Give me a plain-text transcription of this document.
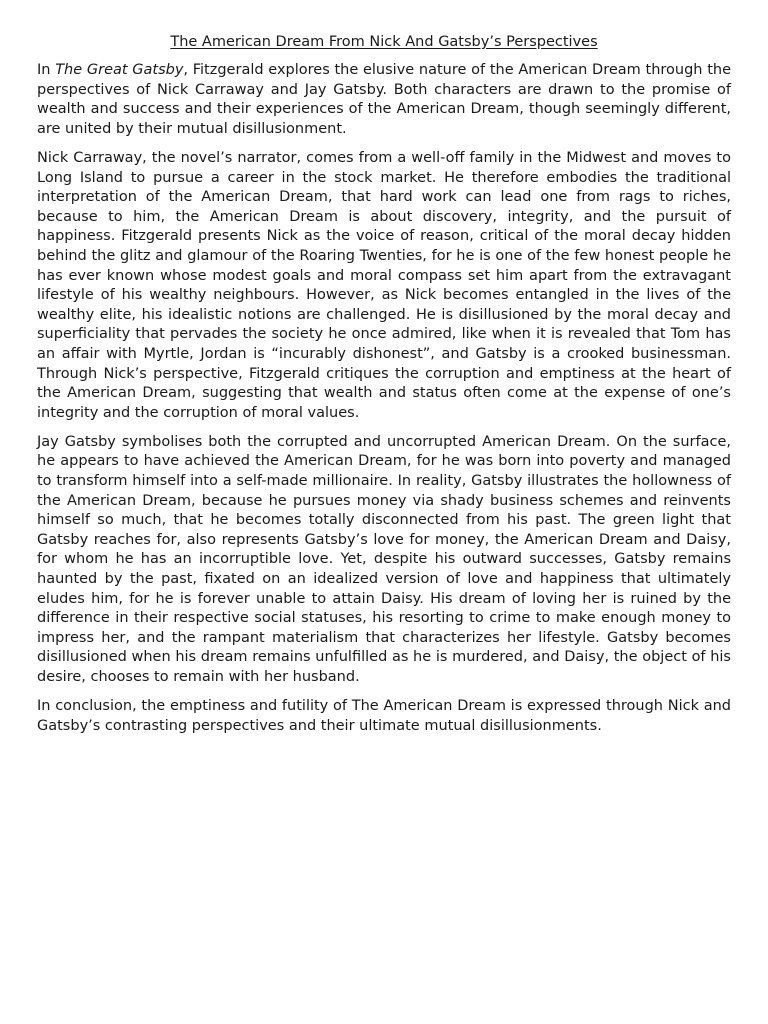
The American Dream From Nick And Gatsby’s Perspectives

In The Great Gatsby, Fitzgerald explores the elusive nature of the American Dream through the perspectives of Nick Carraway and Jay Gatsby. Both characters are drawn to the promise of wealth and success and their experiences of the American Dream, though seemingly different, are united by their mutual disillusionment.

Nick Carraway, the novel’s narrator, comes from a well-off family in the Midwest and moves to Long Island to pursue a career in the stock market. He therefore embodies the traditional interpretation of the American Dream, that hard work can lead one from rags to riches, because to him, the American Dream is about discovery, integrity, and the pursuit of happiness. Fitzgerald presents Nick as the voice of reason, critical of the moral decay hidden behind the glitz and glamour of the Roaring Twenties, for he is one of the few honest people he has ever known whose modest goals and moral compass set him apart from the extravagant lifestyle of his wealthy neighbours. However, as Nick becomes entangled in the lives of the wealthy elite, his idealistic notions are challenged. He is disillusioned by the moral decay and superficiality that pervades the society he once admired, like when it is revealed that Tom has an affair with Myrtle, Jordan is “incurably dishonest”, and Gatsby is a crooked businessman. Through Nick’s perspective, Fitzgerald critiques the corruption and emptiness at the heart of the American Dream, suggesting that wealth and status often come at the expense of one’s integrity and the corruption of moral values.

Jay Gatsby symbolises both the corrupted and uncorrupted American Dream. On the surface, he appears to have achieved the American Dream, for he was born into poverty and managed to transform himself into a self-made millionaire. In reality, Gatsby illustrates the hollowness of the American Dream, because he pursues money via shady business schemes and reinvents himself so much, that he becomes totally disconnected from his past. The green light that Gatsby reaches for, also represents Gatsby’s love for money, the American Dream and Daisy, for whom he has an incorruptible love. Yet, despite his outward successes, Gatsby remains haunted by the past, fixated on an idealized version of love and happiness that ultimately eludes him, for he is forever unable to attain Daisy. His dream of loving her is ruined by the difference in their respective social statuses, his resorting to crime to make enough money to impress her, and the rampant materialism that characterizes her lifestyle. Gatsby becomes disillusioned when his dream remains unfulfilled as he is murdered, and Daisy, the object of his desire, chooses to remain with her husband.

In conclusion, the emptiness and futility of The American Dream is expressed through Nick and Gatsby’s contrasting perspectives and their ultimate mutual disillusionments.
